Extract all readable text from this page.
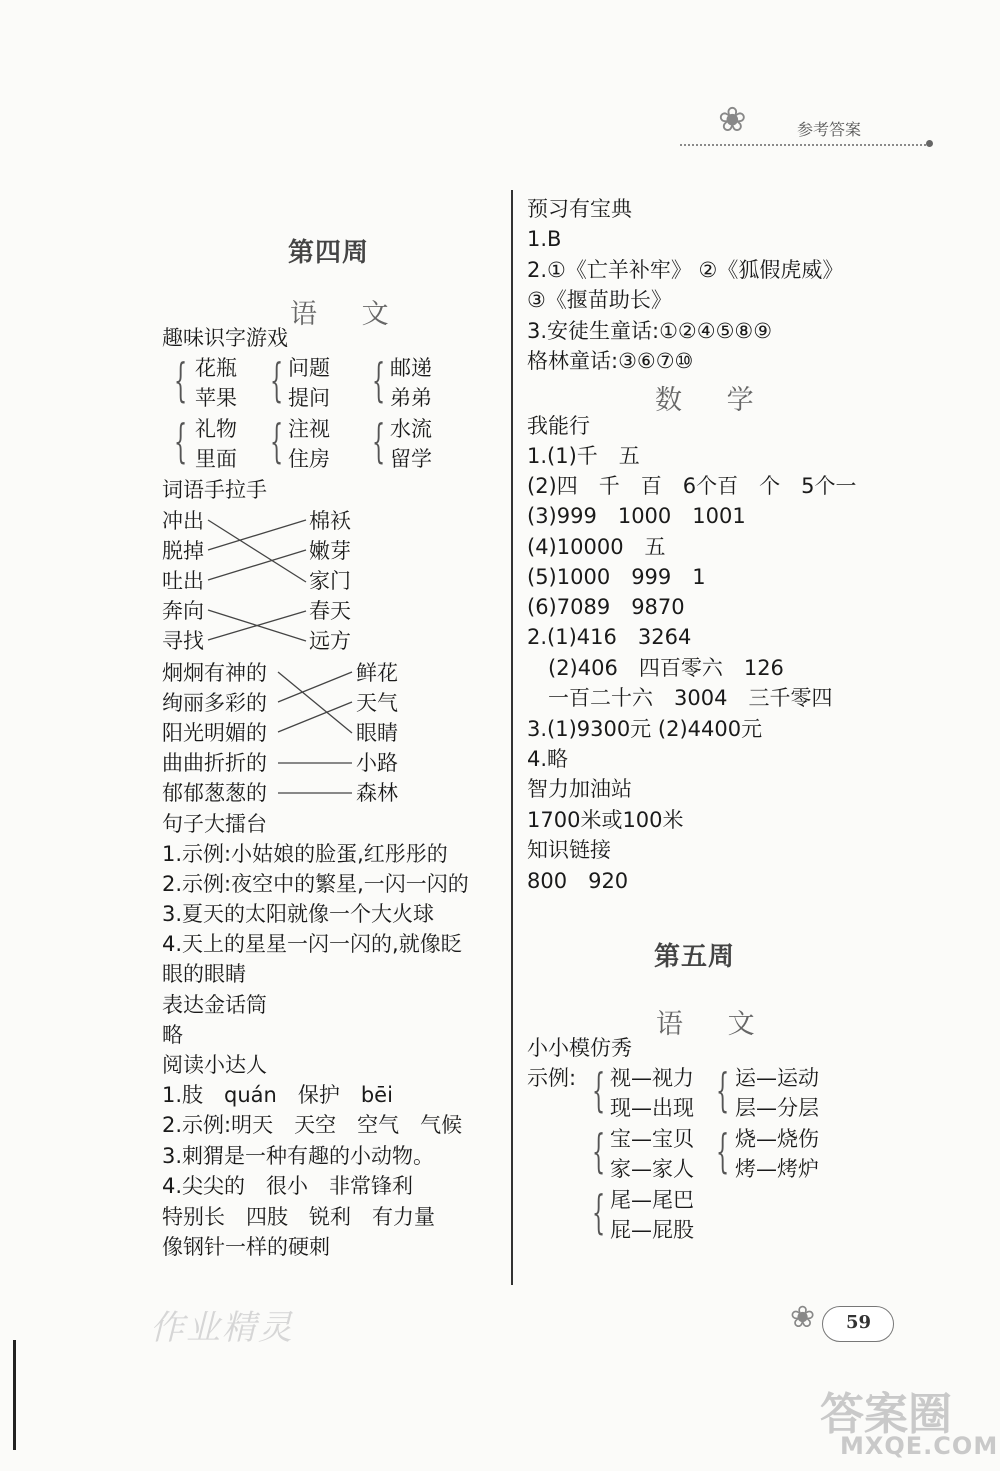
❀	参考答案
第四周
语 文
趣味识字游戏
{ 花瓶
苹果 { 问题
提问 { 邮递
弟弟
{ 礼物
里面 { 注视
住房 { 水流
留学
词语手拉手
冲出
脱掉
吐出
奔向
寻找
棉袄
嫩芽
家门
春天
远方
炯炯有神的
绚丽多彩的
阳光明媚的
曲曲折折的
郁郁葱葱的
鲜花
天气
眼睛
小路
森林
句子大擂台
1.示例:小姑娘的脸蛋,红彤彤的
2.示例:夜空中的繁星,一闪一闪的
3.夏天的太阳就像一个大火球
4.天上的星星一闪一闪的,就像眨
眼的眼睛
表达金话筒
略
阅读小达人
1.肢　quán　保护　bēi
2.示例:明天　天空　空气　气候
3.刺猬是一种有趣的小动物。
4.尖尖的　很小　非常锋利
特别长　四肢　锐利　有力量
像钢针一样的硬刺
预习有宝典
1.B
2.①《亡羊补牢》 ②《狐假虎威》
③《揠苗助长》
3.安徒生童话:①②④⑤⑧⑨
格林童话:③⑥⑦⑩
数 学
我能行
1.(1)千　五
(2)四　千　百　6个百　个　5个一
(3)999　1000　1001
(4)10000　五
(5)1000　999　1
(6)7089　9870
2.(1)416　3264
　(2)406　四百零六　126
　一百二十六　3004　三千零四
3.(1)9300元 (2)4400元
4.略
智力加油站
1700米或100米
知识链接
800　920
第五周
语 文
小小模仿秀
示例: { 视—视力
现—出现
{ 宝—宝贝
家—家人
{ 尾—尾巴
屁—屁股
{ 运—运动
层—分层
{ 烧—烧伤
烤—烤炉
作业精灵	❀ 59
答案圈
MXQE.COM
